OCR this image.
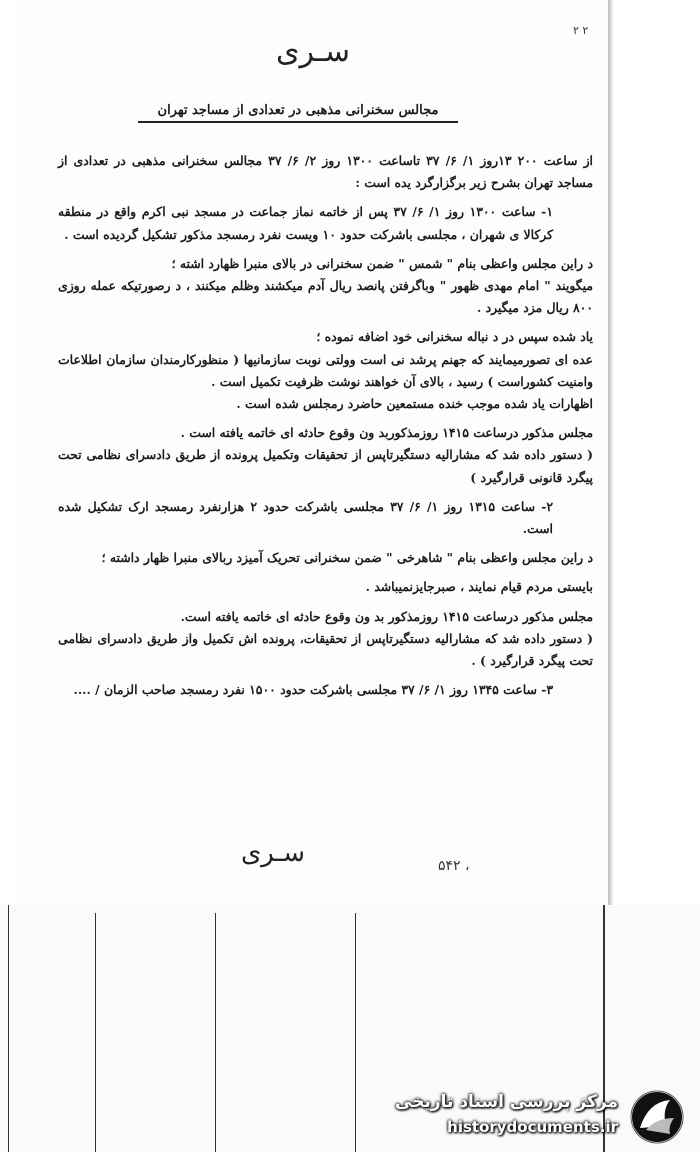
۲ ۲
سـری
مجالس سخنرانی مذهبی در تعدادی از مساجد تهران

از ساعت ۲۰۰ ۱۳روز ۱/ ۶/ ۳۷ تاساعت ۱۳۰۰ روز ۲/ ۶/ ۳۷ مجالس سخنرانی مذهبی در تعدادی از مساجد تهران بشرح زیر برگزارگرد یده است :

۱- ساعت ۱۳۰۰ روز ۱/ ۶/ ۳۷ پس از خاتمه نماز جماعت در مسجد نبی اکرم واقع در منطقه کرکالا ی شهران ، مجلسی باشرکت حدود ۱۰ ویست نفرد رمسجد مذکور تشکیل گردیده است .

د راین مجلس واعظی بنام " شمس " ضمن سخنرانی در بالای منبرا ظهارد اشته ؛

میگویند " امام مهدی ظهور " وباگرفتن پانصد ریال آدم میکشند وظلم میکنند ، د رصورتیکه عمله روزی ۸۰۰ ریال مزد میگیرد .

یاد شده سپس در د نباله سخنرانی خود اضافه نموده ؛

عده ای تصورمیمایند که جهنم پرشد نی است وولتی نوبت سازمانیها ( منظورکارمندان سازمان اطلاعات وامنیت کشوراست ) رسید ، بالای آن خواهند نوشت ظرفیت تکمیل است .

اظهارات یاد شده موجب خنده مستمعین حاضرد رمجلس شده است .

مجلس مذکور درساعت ۱۴۱۵ روزمذکوربد ون وقوع حادثه ای خاتمه یافته است .

( دستور داده شد که مشارالیه دستگیرتاپس از تحقیقات وتکمیل پرونده از طریق دادسرای نظامی تحت پیگرد قانونی قرارگیرد )

۲- ساعت ۱۳۱۵ روز ۱/ ۶/ ۳۷ مجلسی باشرکت حدود ۲ هزارنفرد رمسجد ارک تشکیل شده است.

د راین مجلس واعظی بنام " شاهرخی " ضمن سخنرانی تحریک آمیزد ربالای منبرا ظهار داشته ؛

بایستی مردم قیام نمایند ، صبرجایزنمیباشد .

مجلس مذکور درساعت ۱۴۱۵ روزمذکور بد ون وقوع حادثه ای خاتمه یافته است.

( دستور داده شد که مشارالیه دستگیرتاپس از تحقیقات، پرونده اش تکمیل واز طریق دادسرای نظامی تحت پیگرد قرارگیرد ) .

۳- ساعت ۱۳۴۵ روز ۱/ ۶/ ۳۷ مجلسی باشرکت حدود ۱۵۰۰ نفرد رمسجد صاحب الزمان / ....

سـری	۵۴۲ ،
مرکز بررسی اسناد تاریخی
historydocuments.ir
